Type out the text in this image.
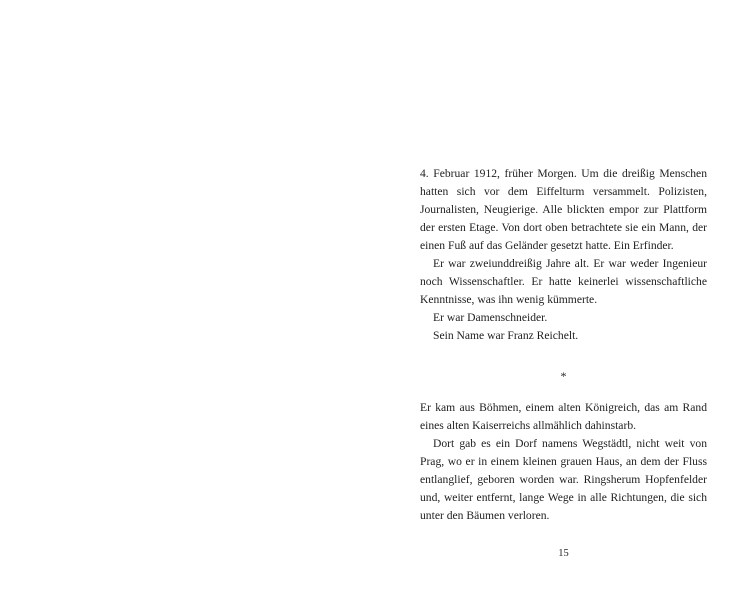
4. Februar 1912, früher Morgen. Um die dreißig Menschen hatten sich vor dem Eiffelturm versammelt. Polizisten, Journalisten, Neugierige. Alle blickten empor zur Plattform der ersten Etage. Von dort oben betrachtete sie ein Mann, der einen Fuß auf das Geländer gesetzt hatte. Ein Erfinder.

Er war zweiunddreißig Jahre alt. Er war weder Ingenieur noch Wissenschaftler. Er hatte keinerlei wissenschaftliche Kenntnisse, was ihn wenig kümmerte.

Er war Damenschneider.

Sein Name war Franz Reichelt.

*

Er kam aus Böhmen, einem alten Königreich, das am Rand eines alten Kaiserreichs allmählich dahinstarb.

Dort gab es ein Dorf namens Wegstädtl, nicht weit von Prag, wo er in einem kleinen grauen Haus, an dem der Fluss entlanglief, geboren worden war. Ringsherum Hopfenfelder und, weiter entfernt, lange Wege in alle Richtungen, die sich unter den Bäumen verloren.

15
